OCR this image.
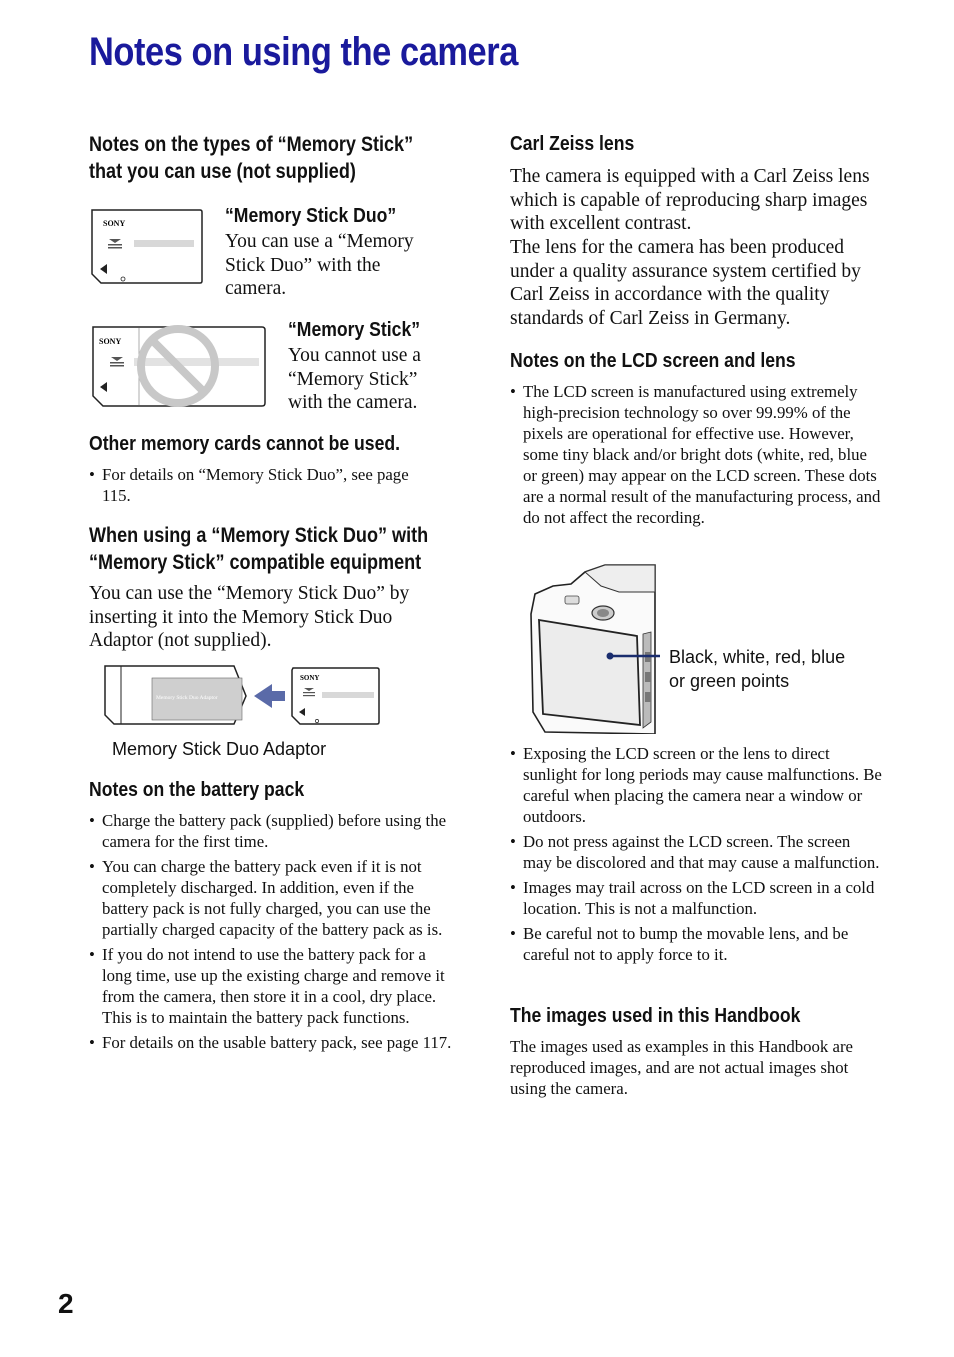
Notes on using the camera
Notes on the types of “Memory Stick”
that you can use (not supplied)
SONY	“Memory Stick Duo”

You can use a “Memory Stick Duo” with the camera.

SONY
“Memory Stick”

You cannot use a “Memory Stick” with the camera.

Other memory cards cannot be used.
• For details on “Memory Stick Duo”, see page 115.
When using a “Memory Stick Duo” with
“Memory Stick” compatible equipment

You can use the “Memory Stick Duo” by inserting it into the Memory Stick Duo Adaptor (not supplied).

Memory Stick Duo Adaptor
SONY
Memory Stick Duo Adaptor
Notes on the battery pack
• Charge the battery pack (supplied) before using the camera for the first time.
• You can charge the battery pack even if it is not completely discharged. In addition, even if the battery pack is not fully charged, you can use the partially charged capacity of the battery pack as is.
• If you do not intend to use the battery pack for a long time, use up the existing charge and remove it from the camera, then store it in a cool, dry place. This is to maintain the battery pack functions.
• For details on the usable battery pack, see page 117.
Carl Zeiss lens

The camera is equipped with a Carl Zeiss lens which is capable of reproducing sharp images with excellent contrast.

The lens for the camera has been produced under a quality assurance system certified by Carl Zeiss in accordance with the quality standards of Carl Zeiss in Germany.

Notes on the LCD screen and lens
• The LCD screen is manufactured using extremely high-precision technology so over 99.99% of the pixels are operational for effective use. However, some tiny black and/or bright dots (white, red, blue or green) may appear on the LCD screen. These dots are a normal result of the manufacturing process, and do not affect the recording.
Black, white, red, blue
or green points
• Exposing the LCD screen or the lens to direct sunlight for long periods may cause malfunctions. Be careful when placing the camera near a window or outdoors.
• Do not press against the LCD screen. The screen may be discolored and that may cause a malfunction.
• Images may trail across on the LCD screen in a cold location. This is not a malfunction.
• Be careful not to bump the movable lens, and be careful not to apply force to it.
The images used in this Handbook

The images used as examples in this Handbook are reproduced images, and are not actual images shot using the camera.

2
